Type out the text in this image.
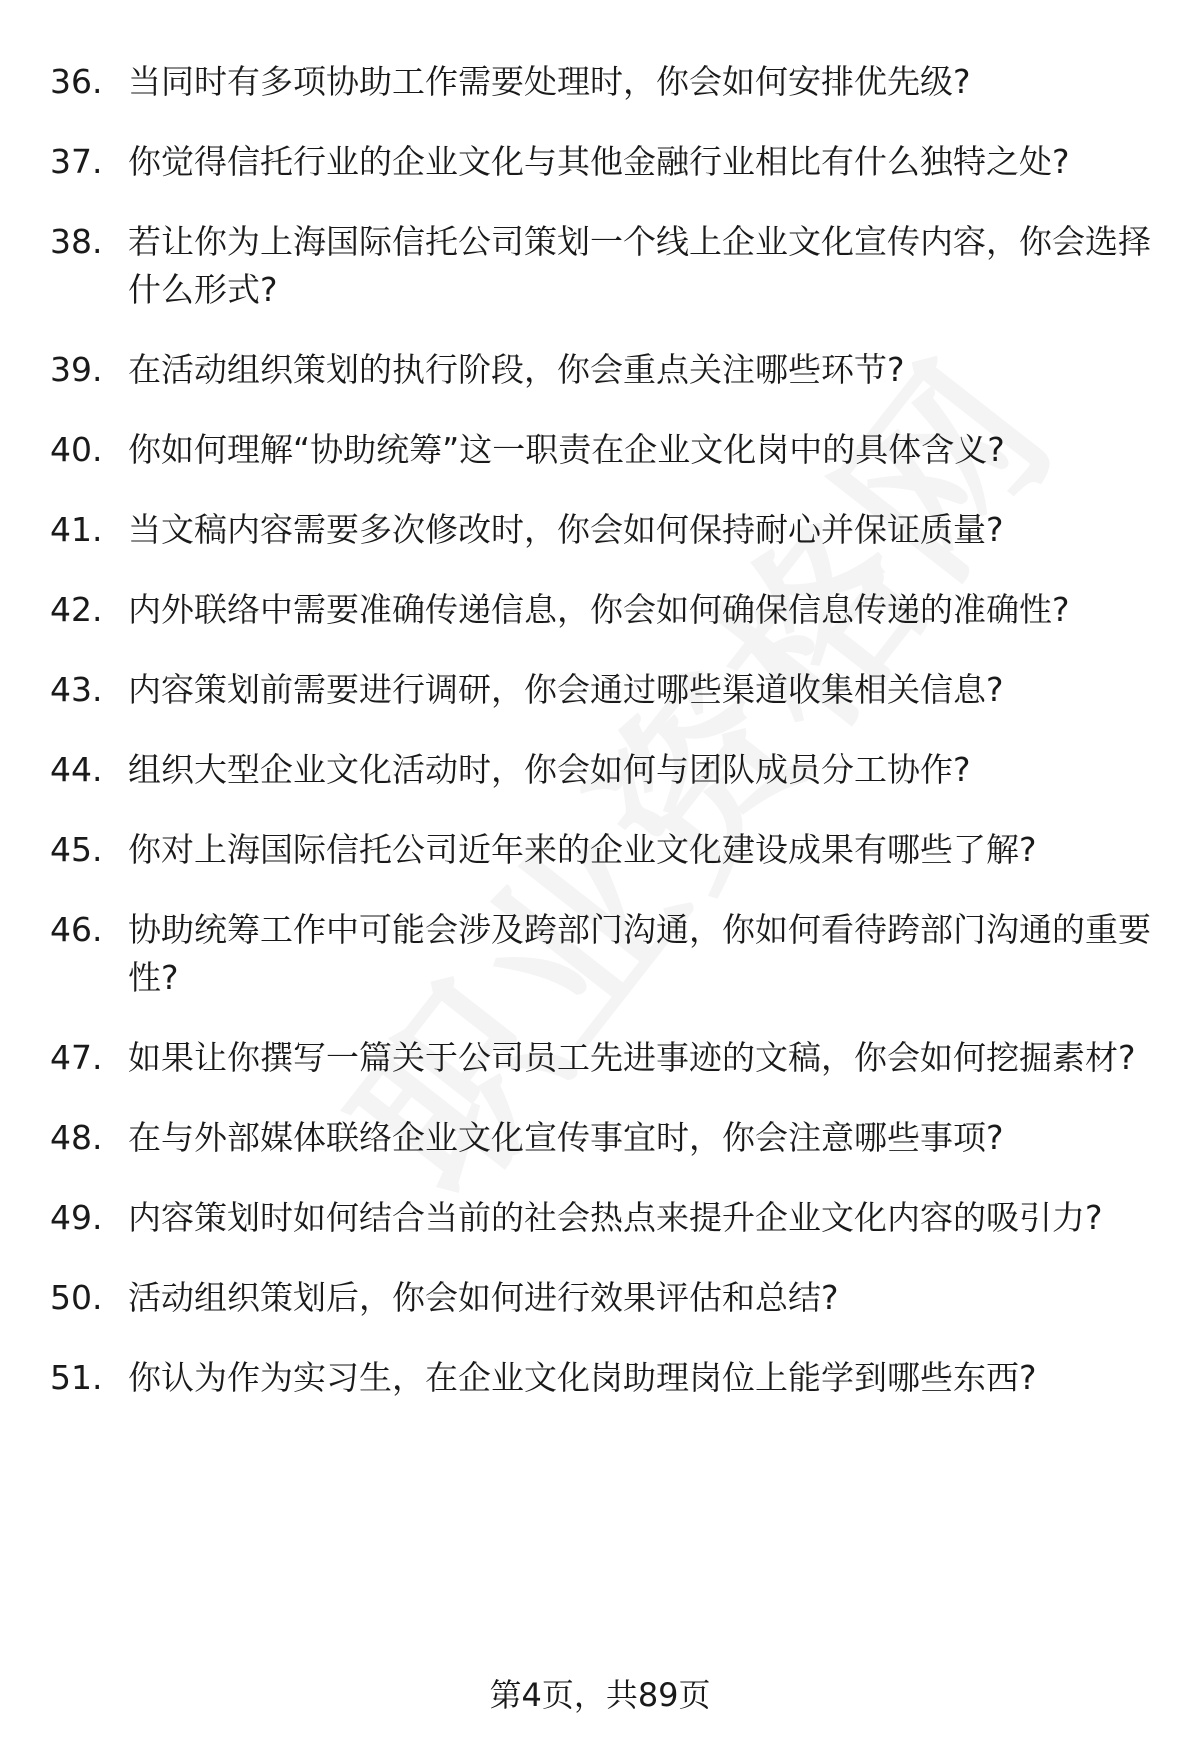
36. 当同时有多项协助工作需要处理时，你会如何安排优先级?
37. 你觉得信托行业的企业文化与其他金融行业相比有什么独特之处?
38. 若让你为上海国际信托公司策划一个线上企业文化宣传内容，你会选择什么形式?
39. 在活动组织策划的执行阶段，你会重点关注哪些环节?
40. 你如何理解“协助统筹”这一职责在企业文化岗中的具体含义?
41. 当文稿内容需要多次修改时，你会如何保持耐心并保证质量?
42. 内外联络中需要准确传递信息，你会如何确保信息传递的准确性?
43. 内容策划前需要进行调研，你会通过哪些渠道收集相关信息?
44. 组织大型企业文化活动时，你会如何与团队成员分工协作?
45. 你对上海国际信托公司近年来的企业文化建设成果有哪些了解?
46. 协助统筹工作中可能会涉及跨部门沟通，你如何看待跨部门沟通的重要性?
47. 如果让你撰写一篇关于公司员工先进事迹的文稿，你会如何挖掘素材?
48. 在与外部媒体联络企业文化宣传事宜时，你会注意哪些事项?
49. 内容策划时如何结合当前的社会热点来提升企业文化内容的吸引力?
50. 活动组织策划后，你会如何进行效果评估和总结?
51. 你认为作为实习生，在企业文化岗助理岗位上能学到哪些东西?
第4页，共89页
